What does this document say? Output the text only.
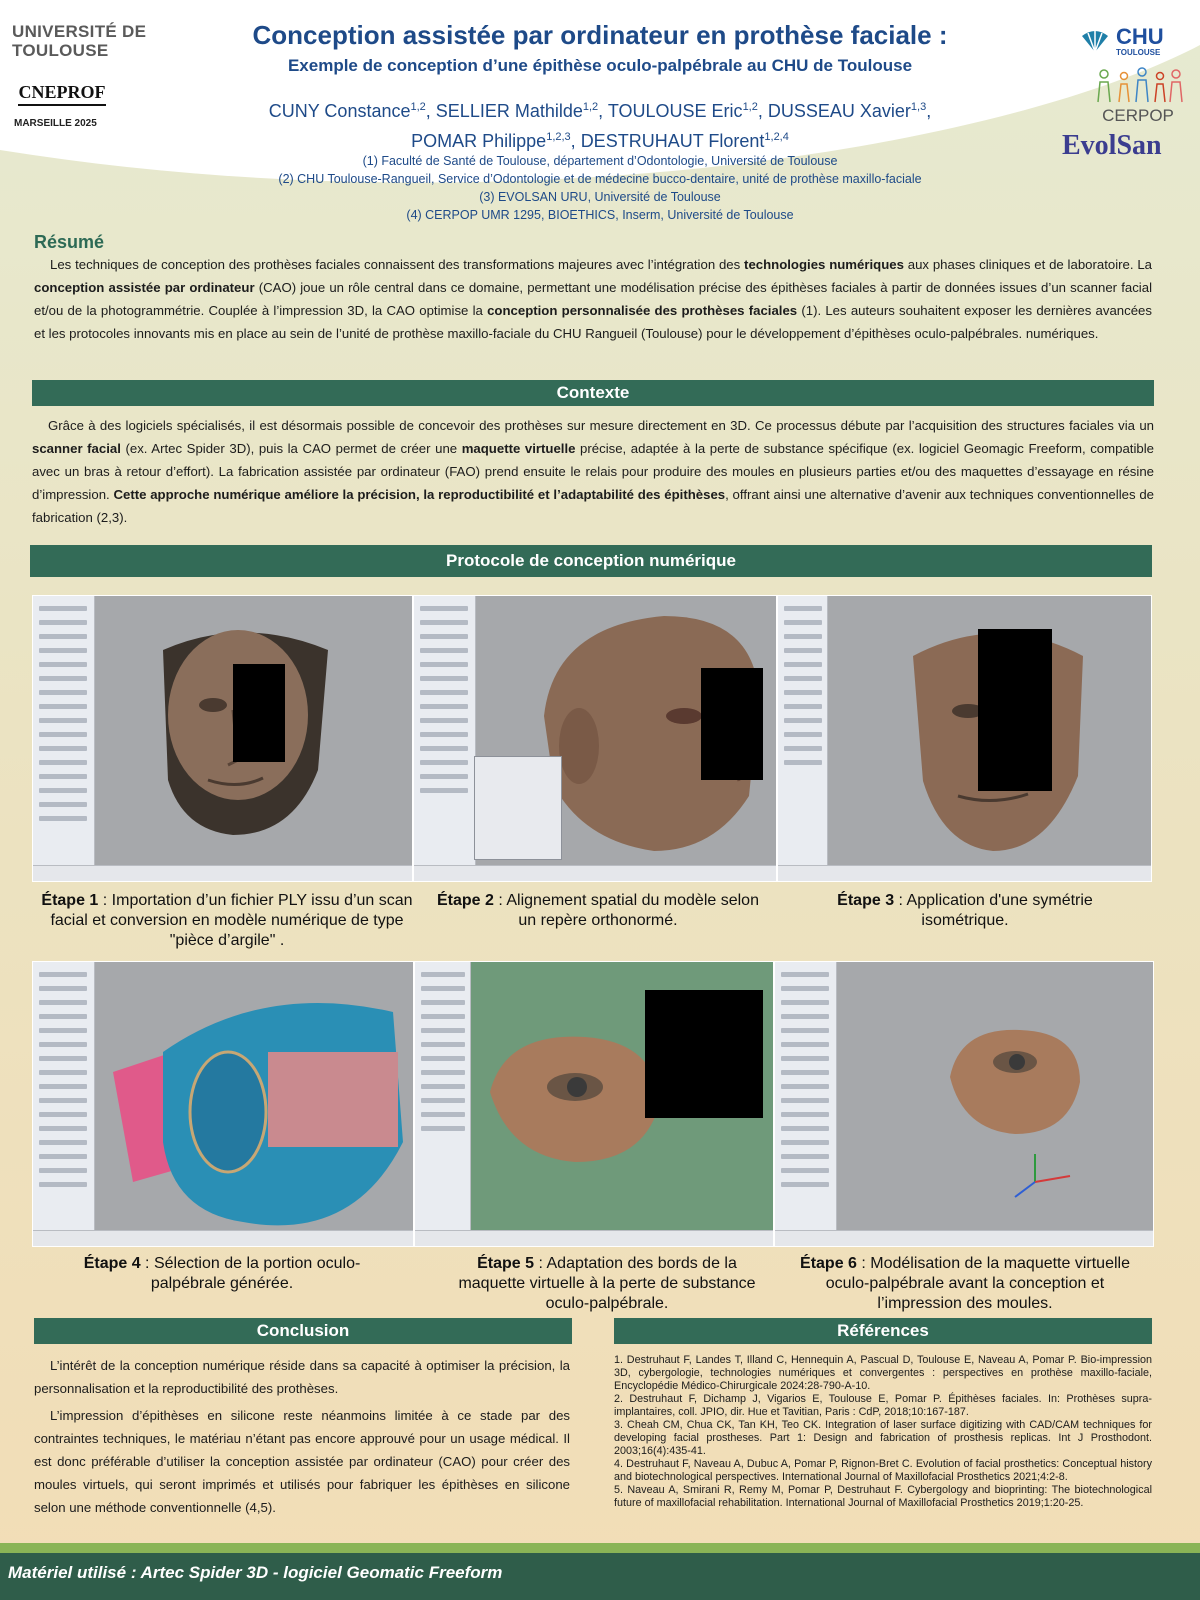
UNIVERSITÉ DE TOULOUSE
CNEPROF
MARSEILLE 2025
CHU
TOULOUSE
CERPOP
EvolSan
Conception assistée par ordinateur en prothèse faciale :
Exemple de conception d’une épithèse oculo-palpébrale au CHU de Toulouse
CUNY Constance$^{1,2}$, SELLIER Mathilde$^{1,2}$, TOULOUSE Eric$^{1,2}$, DUSSEAU Xavier$^{1,3}$,
POMAR Philippe$^{1,2,3}$, DESTRUHAUT Florent$^{1,2,4}$
(1) Faculté de Santé de Toulouse, département d’Odontologie, Université de Toulouse
(2) CHU Toulouse-Rangueil, Service d’Odontologie et de médecine bucco-dentaire, unité de prothèse maxillo-faciale
(3) EVOLSAN URU, Université de Toulouse
(4) CERPOP UMR 1295, BIOETHICS, Inserm, Université de Toulouse
Résumé
Les techniques de conception des prothèses faciales connaissent des transformations majeures avec l’intégration des technologies numériques aux phases cliniques et de laboratoire. La conception assistée par ordinateur (CAO) joue un rôle central dans ce domaine, permettant une modélisation précise des épithèses faciales à partir de données issues d’un scanner facial et/ou de la photogrammétrie. Couplée à l’impression 3D, la CAO optimise la conception personnalisée des prothèses faciales (1). Les auteurs souhaitent exposer les dernières avancées et les protocoles innovants mis en place au sein de l’unité de prothèse maxillo-faciale du CHU Rangueil (Toulouse) pour le développement d’épithèses oculo-palpébrales. numériques.
Contexte
Grâce à des logiciels spécialisés, il est désormais possible de concevoir des prothèses sur mesure directement en 3D. Ce processus débute par l’acquisition des structures faciales via un scanner facial (ex. Artec Spider 3D), puis la CAO permet de créer une maquette virtuelle précise, adaptée à la perte de substance spécifique (ex. logiciel Geomagic Freeform, compatible avec un bras à retour d’effort). La fabrication assistée par ordinateur (FAO) prend ensuite le relais pour produire des moules en plusieurs parties et/ou des maquettes d’essayage en résine d’impression. Cette approche numérique améliore la précision, la reproductibilité et l’adaptabilité des épithèses, offrant ainsi une alternative d’avenir aux techniques conventionnelles de fabrication (2,3).
Protocole de conception numérique
Étape 1 : Importation d’un fichier PLY issu d’un scan facial et conversion en modèle numérique de type "pièce d’argile" .
Étape 2 : Alignement spatial du modèle selon un repère orthonormé.
Étape 3 : Application d'une symétrie isométrique.
Étape 4 : Sélection de la portion oculo-palpébrale générée.
Étape 5 : Adaptation des bords de la maquette virtuelle à la perte de substance oculo-palpébrale.
Étape 6 : Modélisation de la maquette virtuelle oculo-palpébrale avant la conception et l’impression des moules.
Conclusion
L’intérêt de la conception numérique réside dans sa capacité à optimiser la précision, la personnalisation et la reproductibilité des prothèses.
L’impression d’épithèses en silicone reste néanmoins limitée à ce stade par des contraintes techniques, le matériau n’étant pas encore approuvé pour un usage médical. Il est donc préférable d’utiliser la conception assistée par ordinateur (CAO) pour créer des moules virtuels, qui seront imprimés et utilisés pour fabriquer les épithèses en silicone selon une méthode conventionnelle (4,5).
Références
1. Destruhaut F, Landes T, Illand C, Hennequin A, Pascual D, Toulouse E, Naveau A, Pomar P. Bio-impression 3D, cybergologie, technologies numériques et convergentes : perspectives en prothèse maxillo-faciale, Encyclopédie Médico-Chirurgicale 2024:28-790-A-10.
2. Destruhaut F, Dichamp J, Vigarios E, Toulouse E, Pomar P. Épithèses faciales. In: Prothèses supra-implantaires, coll. JPIO, dir. Hue et Tavitian, Paris : CdP, 2018;10:167-187.
3. Cheah CM, Chua CK, Tan KH, Teo CK. Integration of laser surface digitizing with CAD/CAM techniques for developing facial prostheses. Part 1: Design and fabrication of prosthesis replicas. Int J Prosthodont. 2003;16(4):435-41.
4. Destruhaut F, Naveau A, Dubuc A, Pomar P, Rignon-Bret C. Evolution of facial prosthetics: Conceptual history and biotechnological perspectives. International Journal of Maxillofacial Prosthetics 2021;4:2-8.
5. Naveau A, Smirani R, Remy M, Pomar P, Destruhaut F. Cybergology and bioprinting: The biotechnological future of maxillofacial rehabilitation. International Journal of Maxillofacial Prosthetics 2019;1:20-25.
Matériel utilisé : Artec Spider 3D - logiciel Geomatic Freeform
